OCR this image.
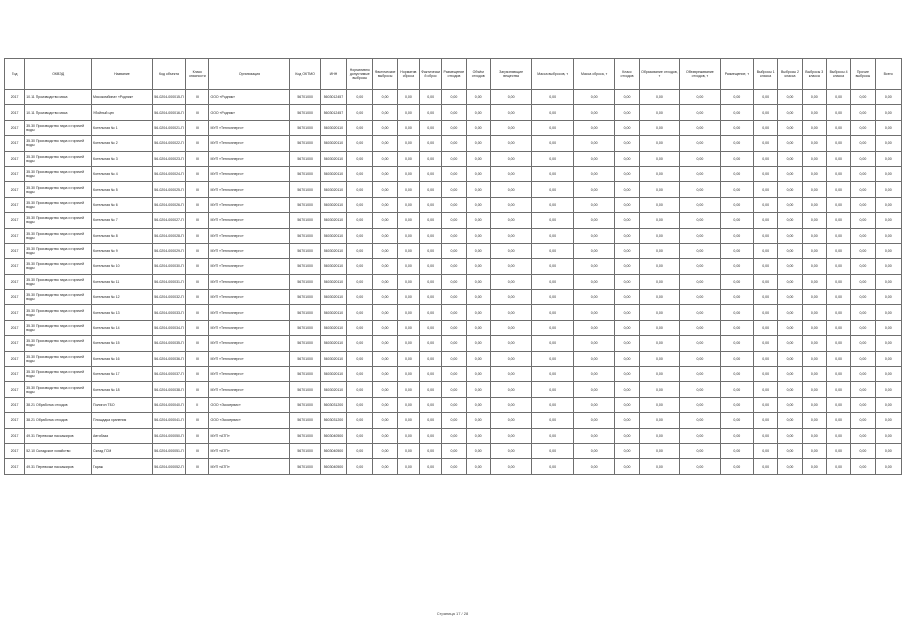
Год	ОКВЭД	Название	Код объекта	Класс опасности	Организация	Код ОКТМО	ИНН	Нормативно допустимые выбросы	Фактические выбросы	Норматив сброса	Фактический сброс	Размещение отходов	Объём отходов	Загрязняющие вещества	Масса выбросов, т	Масса сброса, т	Класс отходов	Образование отходов, т	Обезвреживание отходов, т	Размещение, т	Выбросы 1 класса	Выбросы 2 класса	Выбросы 3 класса	Выбросы 4 класса	Прочие выбросы	Всего
2017	10.11 Производство мяса	Мясокомбинат «Родник»	56-0204-000015-П	III	ООО «Родник»	56701000	5603012457	0,00	0,00	0,00	0,00	0,00	0,00	0,00	0,00	0,00	0,00	0,00	0,00	0,00	0,00	0,00	0,00	0,00	0,00	0,00
2017	10.11 Производство мяса	Убойный цех	56-0204-000016-П	III	ООО «Родник»	56701000	5603012457	0,00	0,00	0,00	0,00	0,00	0,00	0,00	0,00	0,00	0,00	0,00	0,00	0,00	0,00	0,00	0,00	0,00	0,00	0,00
2017	35.30 Производство пара и горячей воды	Котельная № 1	56-0204-000021-П	III	МУП «Теплоэнерго»	56701000	5603020110	0,00	0,00	0,00	0,00	0,00	0,00	0,00	0,00	0,00	0,00	0,00	0,00	0,00	0,00	0,00	0,00	0,00	0,00	0,00
2017	35.30 Производство пара и горячей воды	Котельная № 2	56-0204-000022-П	III	МУП «Теплоэнерго»	56701000	5603020110	0,00	0,00	0,00	0,00	0,00	0,00	0,00	0,00	0,00	0,00	0,00	0,00	0,00	0,00	0,00	0,00	0,00	0,00	0,00
2017	35.30 Производство пара и горячей воды	Котельная № 3	56-0204-000023-П	III	МУП «Теплоэнерго»	56701000	5603020110	0,00	0,00	0,00	0,00	0,00	0,00	0,00	0,00	0,00	0,00	0,00	0,00	0,00	0,00	0,00	0,00	0,00	0,00	0,00
2017	35.30 Производство пара и горячей воды	Котельная № 4	56-0204-000024-П	III	МУП «Теплоэнерго»	56701000	5603020110	0,00	0,00	0,00	0,00	0,00	0,00	0,00	0,00	0,00	0,00	0,00	0,00	0,00	0,00	0,00	0,00	0,00	0,00	0,00
2017	35.30 Производство пара и горячей воды	Котельная № 5	56-0204-000025-П	III	МУП «Теплоэнерго»	56701000	5603020110	0,00	0,00	0,00	0,00	0,00	0,00	0,00	0,00	0,00	0,00	0,00	0,00	0,00	0,00	0,00	0,00	0,00	0,00	0,00
2017	35.30 Производство пара и горячей воды	Котельная № 6	56-0204-000026-П	III	МУП «Теплоэнерго»	56701000	5603020110	0,00	0,00	0,00	0,00	0,00	0,00	0,00	0,00	0,00	0,00	0,00	0,00	0,00	0,00	0,00	0,00	0,00	0,00	0,00
2017	35.30 Производство пара и горячей воды	Котельная № 7	56-0204-000027-П	III	МУП «Теплоэнерго»	56701000	5603020110	0,00	0,00	0,00	0,00	0,00	0,00	0,00	0,00	0,00	0,00	0,00	0,00	0,00	0,00	0,00	0,00	0,00	0,00	0,00
2017	35.30 Производство пара и горячей воды	Котельная № 8	56-0204-000028-П	III	МУП «Теплоэнерго»	56701000	5603020110	0,00	0,00	0,00	0,00	0,00	0,00	0,00	0,00	0,00	0,00	0,00	0,00	0,00	0,00	0,00	0,00	0,00	0,00	0,00
2017	35.30 Производство пара и горячей воды	Котельная № 9	56-0204-000029-П	III	МУП «Теплоэнерго»	56701000	5603020110	0,00	0,00	0,00	0,00	0,00	0,00	0,00	0,00	0,00	0,00	0,00	0,00	0,00	0,00	0,00	0,00	0,00	0,00	0,00
2017	35.30 Производство пара и горячей воды	Котельная № 10	56-0204-000030-П	III	МУП «Теплоэнерго»	56701000	5603020110	0,00	0,00	0,00	0,00	0,00	0,00	0,00	0,00	0,00	0,00	0,00	0,00	0,00	0,00	0,00	0,00	0,00	0,00	0,00
2017	35.30 Производство пара и горячей воды	Котельная № 11	56-0204-000031-П	III	МУП «Теплоэнерго»	56701000	5603020110	0,00	0,00	0,00	0,00	0,00	0,00	0,00	0,00	0,00	0,00	0,00	0,00	0,00	0,00	0,00	0,00	0,00	0,00	0,00
2017	35.30 Производство пара и горячей воды	Котельная № 12	56-0204-000032-П	III	МУП «Теплоэнерго»	56701000	5603020110	0,00	0,00	0,00	0,00	0,00	0,00	0,00	0,00	0,00	0,00	0,00	0,00	0,00	0,00	0,00	0,00	0,00	0,00	0,00
2017	35.30 Производство пара и горячей воды	Котельная № 13	56-0204-000033-П	III	МУП «Теплоэнерго»	56701000	5603020110	0,00	0,00	0,00	0,00	0,00	0,00	0,00	0,00	0,00	0,00	0,00	0,00	0,00	0,00	0,00	0,00	0,00	0,00	0,00
2017	35.30 Производство пара и горячей воды	Котельная № 14	56-0204-000034-П	III	МУП «Теплоэнерго»	56701000	5603020110	0,00	0,00	0,00	0,00	0,00	0,00	0,00	0,00	0,00	0,00	0,00	0,00	0,00	0,00	0,00	0,00	0,00	0,00	0,00
2017	35.30 Производство пара и горячей воды	Котельная № 15	56-0204-000035-П	III	МУП «Теплоэнерго»	56701000	5603020110	0,00	0,00	0,00	0,00	0,00	0,00	0,00	0,00	0,00	0,00	0,00	0,00	0,00	0,00	0,00	0,00	0,00	0,00	0,00
2017	35.30 Производство пара и горячей воды	Котельная № 16	56-0204-000036-П	III	МУП «Теплоэнерго»	56701000	5603020110	0,00	0,00	0,00	0,00	0,00	0,00	0,00	0,00	0,00	0,00	0,00	0,00	0,00	0,00	0,00	0,00	0,00	0,00	0,00
2017	35.30 Производство пара и горячей воды	Котельная № 17	56-0204-000037-П	III	МУП «Теплоэнерго»	56701000	5603020110	0,00	0,00	0,00	0,00	0,00	0,00	0,00	0,00	0,00	0,00	0,00	0,00	0,00	0,00	0,00	0,00	0,00	0,00	0,00
2017	35.30 Производство пара и горячей воды	Котельная № 18	56-0204-000038-П	III	МУП «Теплоэнерго»	56701000	5603020110	0,00	0,00	0,00	0,00	0,00	0,00	0,00	0,00	0,00	0,00	0,00	0,00	0,00	0,00	0,00	0,00	0,00	0,00	0,00
2017	38.21 Обработка отходов	Полигон ТБО	56-0204-000040-П	II	ООО «Экосервис»	56701000	5603031200	0,00	0,00	0,00	0,00	0,00	0,00	0,00	0,00	0,00	0,00	0,00	0,00	0,00	0,00	0,00	0,00	0,00	0,00	0,00
2017	38.21 Обработка отходов	Площадка хранения	56-0204-000041-П	III	ООО «Экосервис»	56701000	5603031200	0,00	0,00	0,00	0,00	0,00	0,00	0,00	0,00	0,00	0,00	0,00	0,00	0,00	0,00	0,00	0,00	0,00	0,00	0,00
2017	49.31 Перевозки пассажиров	Автобаза	56-0204-000050-П	III	МУП «АТП»	56701000	5603040500	0,00	0,00	0,00	0,00	0,00	0,00	0,00	0,00	0,00	0,00	0,00	0,00	0,00	0,00	0,00	0,00	0,00	0,00	0,00
2017	52.10 Складское хозяйство	Склад ГСМ	56-0204-000051-П	III	МУП «АТП»	56701000	5603040500	0,00	0,00	0,00	0,00	0,00	0,00	0,00	0,00	0,00	0,00	0,00	0,00	0,00	0,00	0,00	0,00	0,00	0,00	0,00
2017	49.31 Перевозки пассажиров	Гараж	56-0204-000052-П	III	МУП «АТП»	56701000	5603040500	0,00	0,00	0,00	0,00	0,00	0,00	0,00	0,00	0,00	0,00	0,00	0,00	0,00	0,00	0,00	0,00	0,00	0,00	0,00
Страница 17 / 28
